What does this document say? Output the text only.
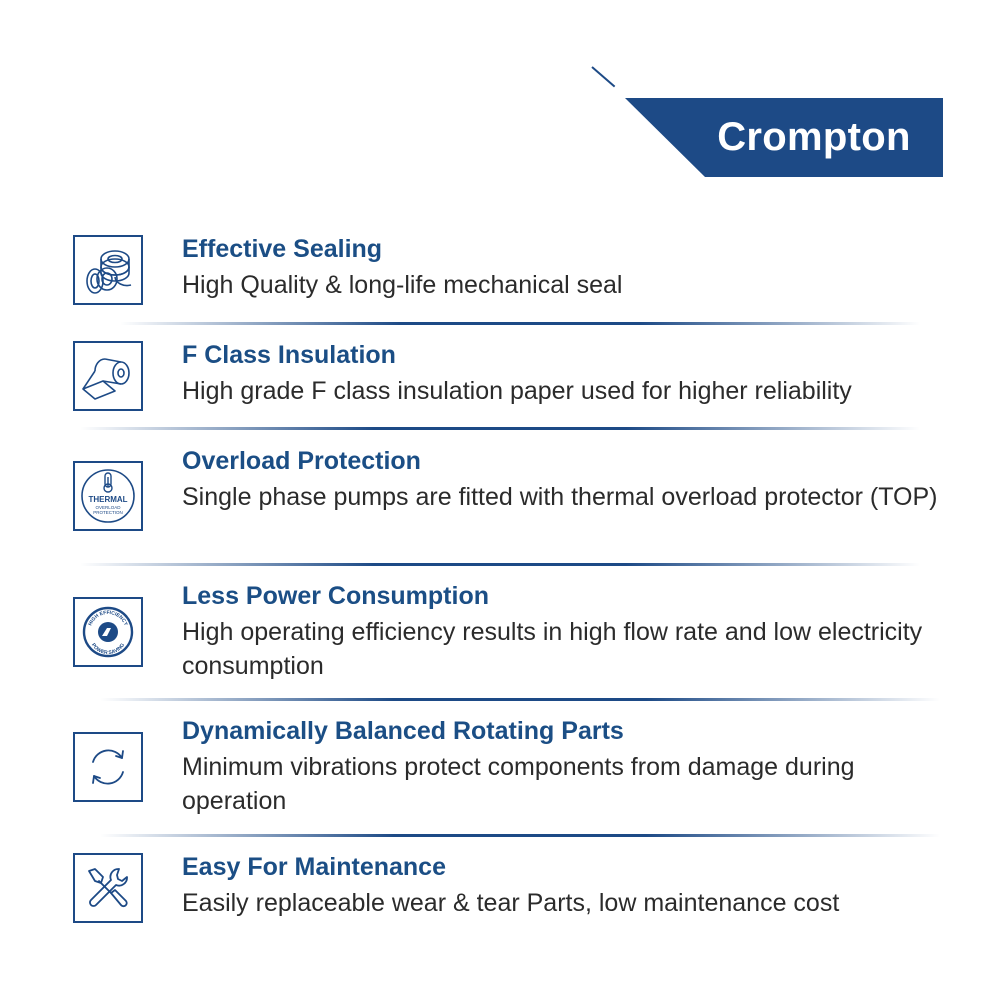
Crompton
Effective Sealing

High Quality & long-life mechanical seal

F Class Insulation

High grade F class insulation paper used for higher reliability

THERMAL
OVERLOAD
PROTECTION
Overload Protection

Single phase pumps are fitted with thermal overload protector (TOP)

HIGH EFFICIENCY
POWER SAVING
Less Power Consumption

High operating efficiency results in high flow rate and low electricity consumption

Dynamically Balanced Rotating Parts

Minimum vibrations protect components from damage during operation

Easy For Maintenance

Easily replaceable wear & tear Parts, low maintenance cost
